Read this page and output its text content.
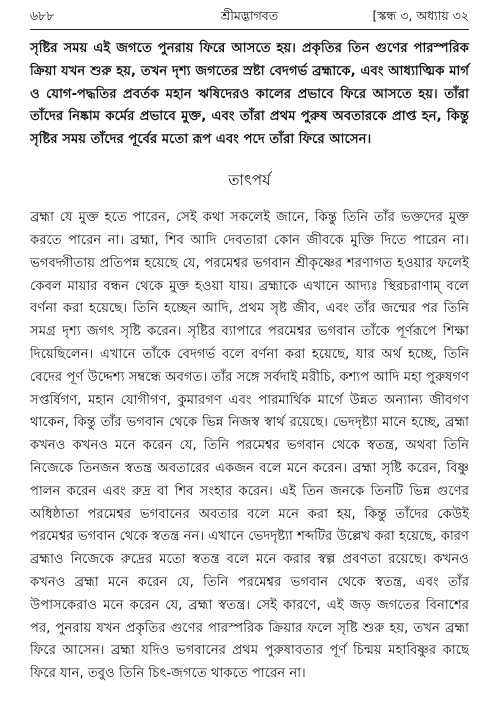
৬৮৮	শ্রীমদ্ভাগবত	[স্কন্ধ ৩, অধ্যায় ৩২

সৃষ্টির সময় এই জগতে পুনরায় ফিরে আসতে হয়। প্রকৃতির তিন গুণের পারস্পরিক ক্রিয়া যখন শুরু হয়, তখন দৃশ্য জগতের স্রষ্টা বেদগর্ভ ব্রহ্মাকে, এবং আধ্যাত্মিক মার্গ ও যোগ-পদ্ধতির প্রবর্তক মহান ঋষিদেরও কালের প্রভাবে ফিরে আসতে হয়। তাঁরা তাঁদের নিষ্কাম কর্মের প্রভাবে মুক্ত, এবং তাঁরা প্রথম পুরুষ অবতারকে প্রাপ্ত হন, কিন্তু সৃষ্টির সময় তাঁদের পূর্বের মতো রূপ এবং পদে তাঁরা ফিরে আসেন।

তাৎপর্য

ব্রহ্মা যে মুক্ত হতে পারেন, সেই কথা সকলেই জানে, কিন্তু তিনি তাঁর ভক্তদের মুক্ত করতে পারেন না। ব্রহ্মা, শিব আদি দেবতারা কোন জীবকে মুক্তি দিতে পারেন না। ভগবদ্গীতায় প্রতিপন্ন হয়েছে যে, পরমেশ্বর ভগবান শ্রীকৃষ্ণের শরণাগত হওয়ার ফলেই কেবল মায়ার বন্ধন থেকে মুক্ত হওয়া যায়। ব্রহ্মাকে এখানে আদ্যঃ স্থিরচরাণাম্‌ বলে বর্ণনা করা হয়েছে। তিনি হচ্ছেন আদি, প্রথম সৃষ্ট জীব, এবং তাঁর জন্মের পর তিনি সমগ্র দৃশ্য জগৎ সৃষ্টি করেন। সৃষ্টির ব্যাপারে পরমেশ্বর ভগবান তাঁকে পূর্ণরূপে শিক্ষা দিয়েছিলেন। এখানে তাঁকে বেদগর্ভ বলে বর্ণনা করা হয়েছে, যার অর্থ হচ্ছে, তিনি বেদের পূর্ণ উদ্দেশ্য সম্বন্ধে অবগত। তাঁর সঙ্গে সর্বদাই মরীচি, কশ্যপ আদি মহা পুরুষগণ সপ্তর্ষিগণ, মহান যোগীগণ, কুমারগণ এবং পারমার্থিক মার্গে উন্নত অন্যান্য জীবগণ থাকেন, কিন্তু তাঁর ভগবান থেকে ভিন্ন নিজস্ব স্বার্থ রয়েছে। ভেদদৃষ্ট্যা মানে হচ্ছে, ব্রহ্মা কখনও কখনও মনে করেন যে, তিনি পরমেশ্বর ভগবান থেকে স্বতন্ত্র, অথবা তিনি নিজেকে তিনজন স্বতন্ত্র অবতারের একজন বলে মনে করেন। ব্রহ্মা সৃষ্টি করেন, বিষ্ণু পালন করেন এবং রুদ্র বা শিব সংহার করেন। এই তিন জনকে তিনটি ভিন্ন গুণের অধিষ্ঠাতা পরমেশ্বর ভগবানের অবতার বলে মনে করা হয়, কিন্তু তাঁদের কেউই পরমেশ্বর ভগবান থেকে স্বতন্ত্র নন। এখানে ভেদদৃষ্ট্যা শব্দটির উল্লেখ করা হয়েছে, কারণ ব্রহ্মাও নিজেকে রুদ্রের মতো স্বতন্ত্র বলে মনে করার স্বল্প প্রবণতা রয়েছে। কখনও কখনও ব্রহ্মা মনে করেন যে, তিনি পরমেশ্বর ভগবান থেকে স্বতন্ত্র, এবং তাঁর উপাসকেরাও মনে করেন যে, ব্রহ্মা স্বতন্ত্র। সেই কারণে, এই জড় জগতের বিনাশের পর, পুনরায় যখন প্রকৃতির গুণের পারস্পরিক ক্রিয়ার ফলে সৃষ্টি শুরু হয়, তখন ব্রহ্মা ফিরে আসেন। ব্রহ্মা যদিও ভগবানের প্রথম পুরুষাবতার পূর্ণ চিন্ময় মহাবিষ্ণুর কাছে ফিরে যান, তবুও তিনি চিৎ-জগতে থাকতে পারেন না।
